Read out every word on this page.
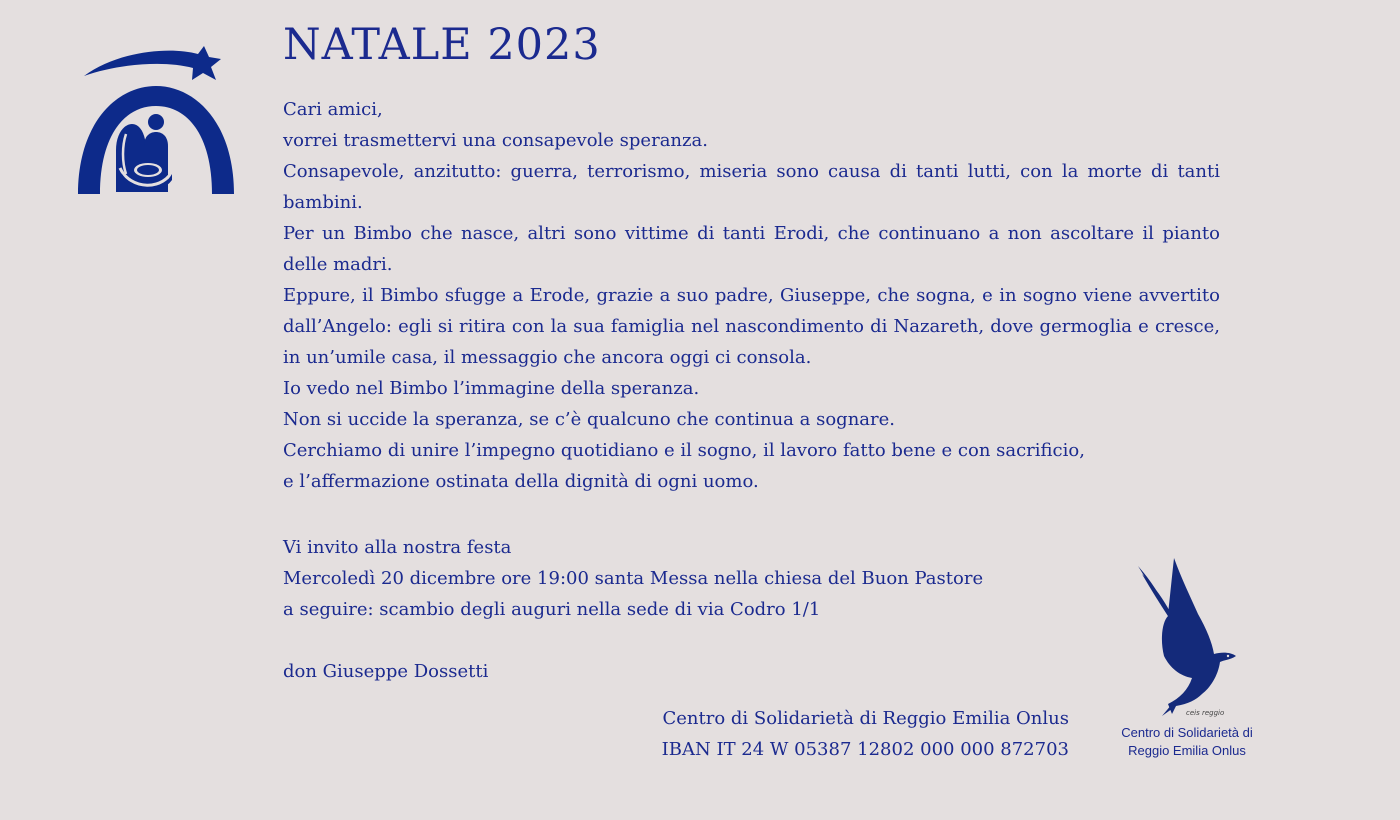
NATALE 2023

Cari amici,

vorrei trasmettervi una consapevole speranza.

Consapevole, anzitutto: guerra, terrorismo, miseria sono causa di tanti lutti, con la morte di tanti bambini.

Per un Bimbo che nasce, altri sono vittime di tanti Erodi, che continuano a non ascoltare il pianto delle madri.

Eppure, il Bimbo sfugge a Erode, grazie a suo padre, Giuseppe, che sogna, e in sogno viene avvertito dall’Angelo: egli si ritira con la sua famiglia nel nascondimento di Nazareth, dove germoglia e cresce, in un’umile casa, il messaggio che ancora oggi ci consola.

Io vedo nel Bimbo l’immagine della speranza.

Non si uccide la speranza, se c’è qualcuno che continua a sognare.

Cerchiamo di unire l’impegno quotidiano e il sogno, il lavoro fatto bene e con sacrificio,

e l’affermazione ostinata della dignità di ogni uomo.

Vi invito alla nostra festa

Mercoledì 20 dicembre ore 19:00 santa Messa nella chiesa del Buon Pastore

a seguire: scambio degli auguri nella sede di via Codro 1/1

don Giuseppe Dossetti

Centro di Solidarietà di Reggio Emilia Onlus

IBAN IT 24 W 05387 12802 000 000 872703

ceis reggio
Centro di Solidarietà di
Reggio Emilia Onlus
